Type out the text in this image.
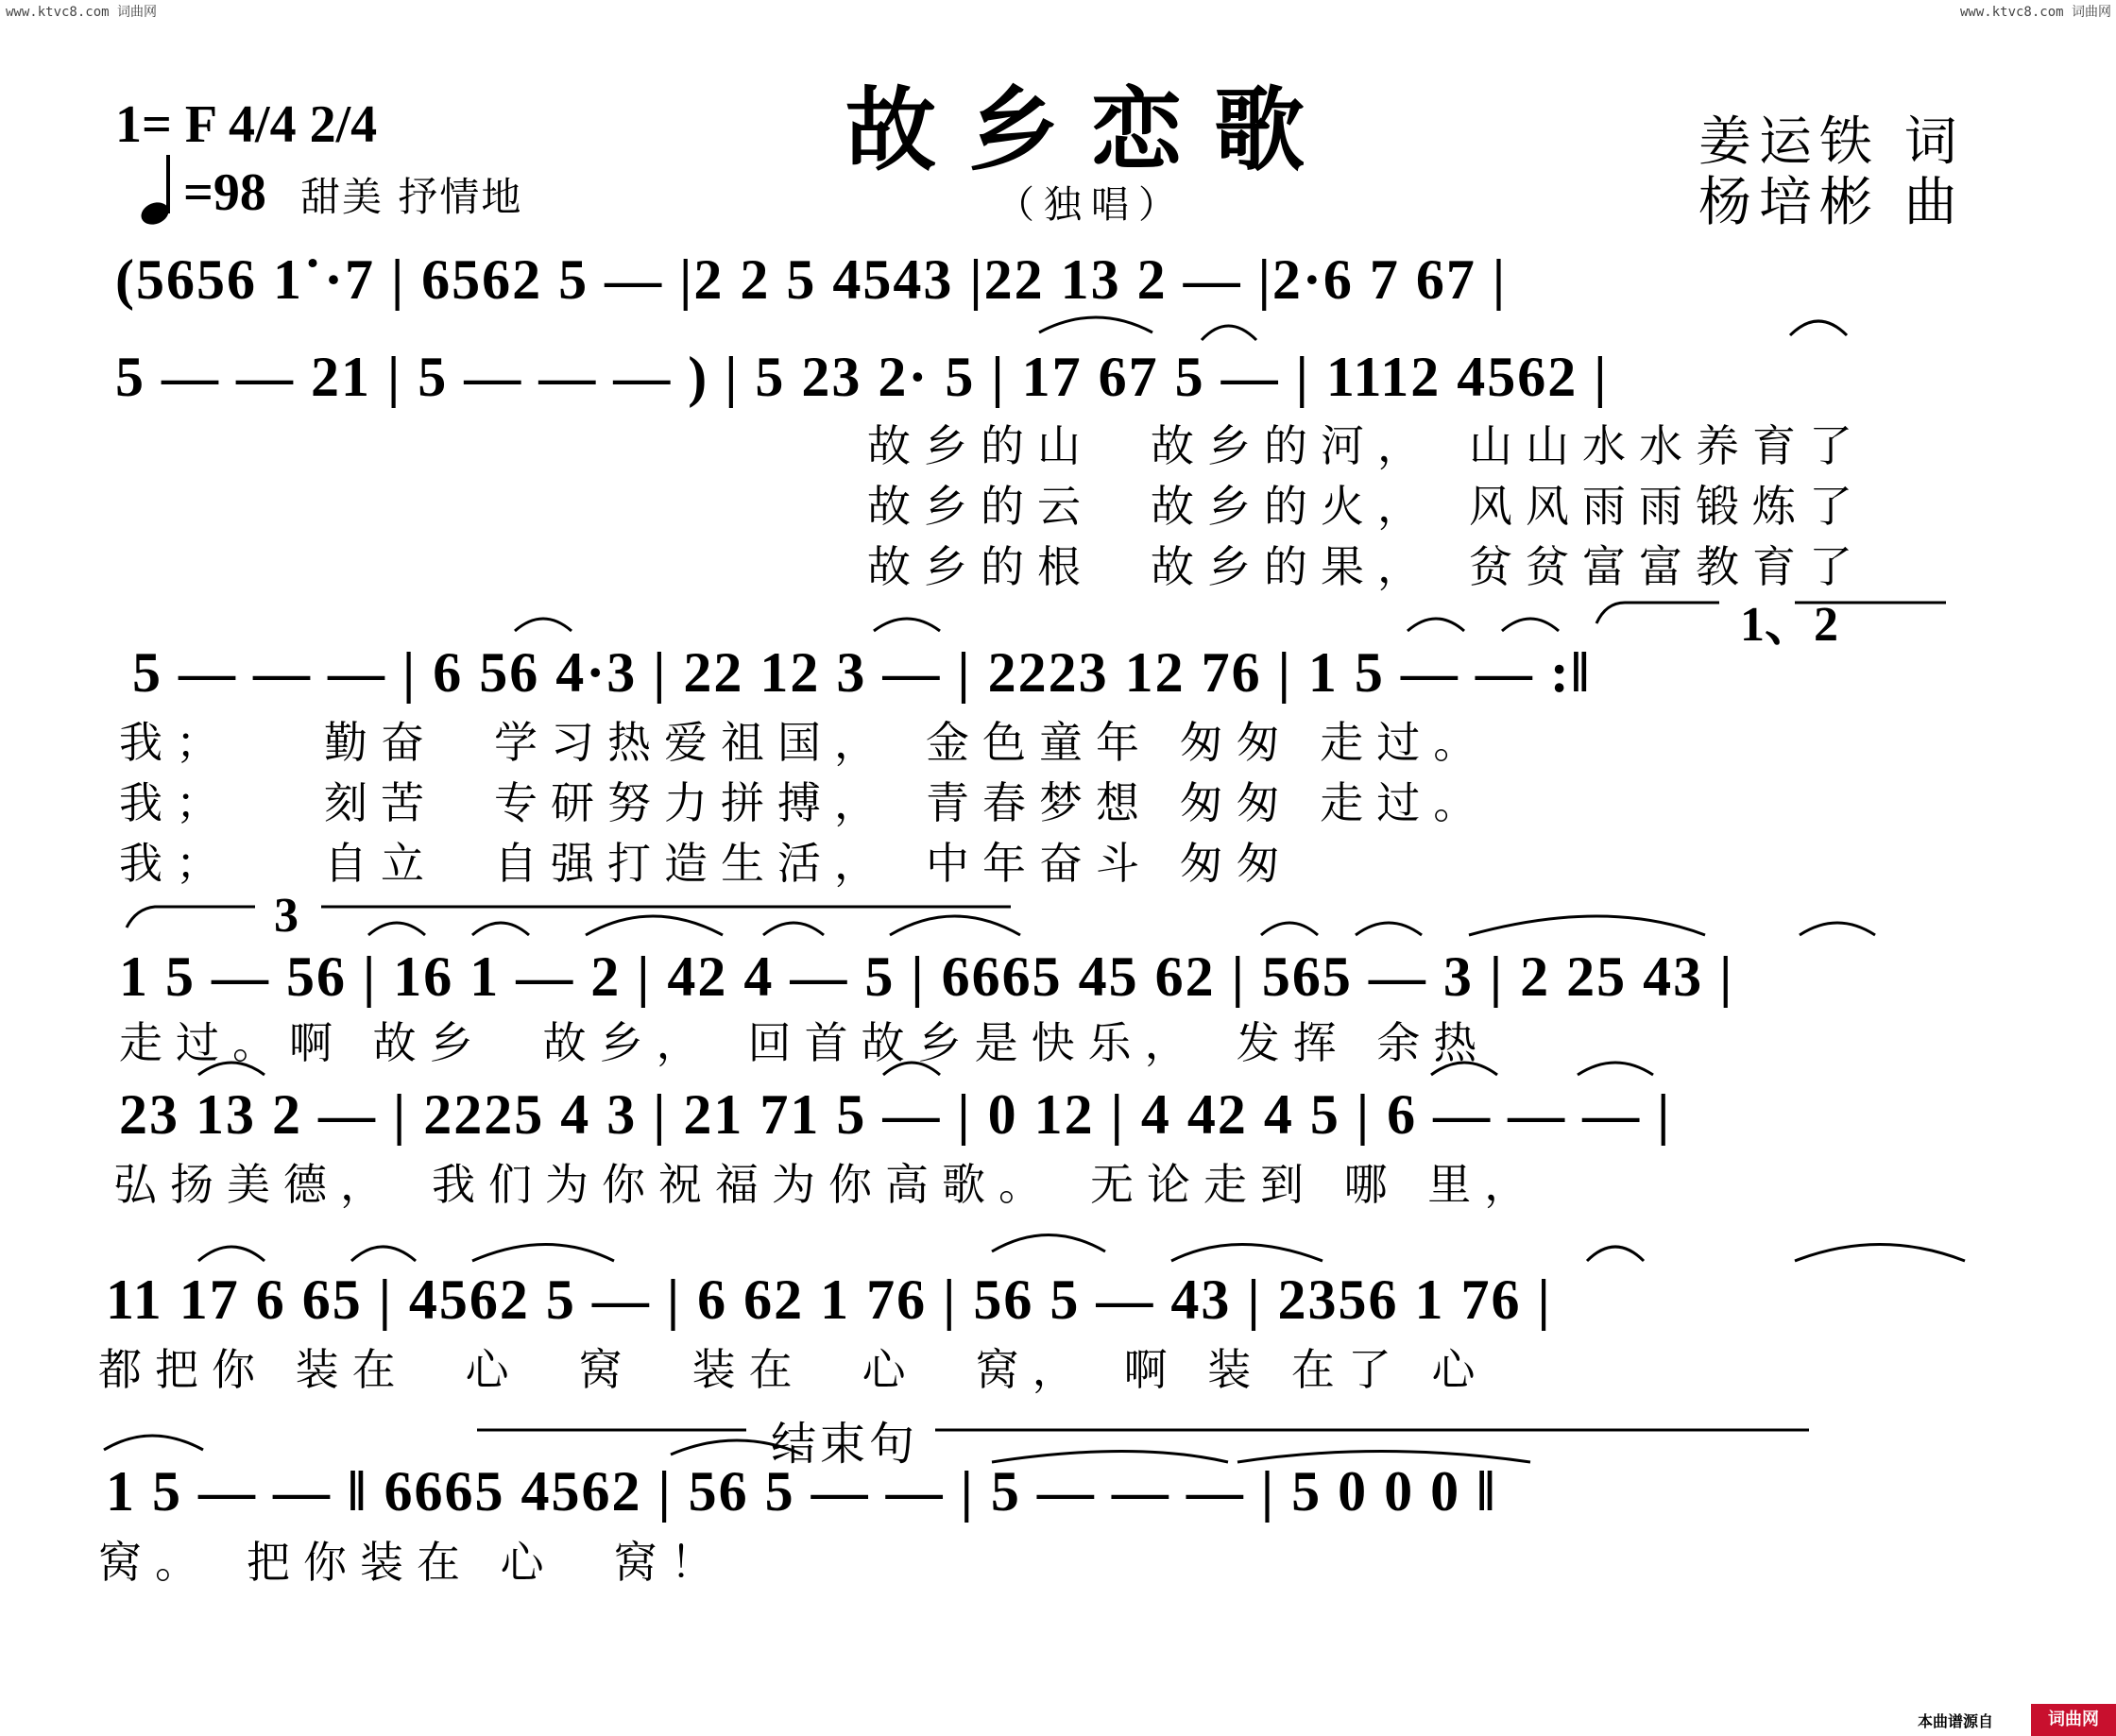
www.ktvc8.com 词曲网	www.ktvc8.com 词曲网
故乡恋歌
（独唱）
1= F 4/4 2/4
=98 甜美 抒情地
姜运铁 词
杨培彬 曲
(5656 1˙·7 | 6562 5 — |2 2 5 4543 |22 13 2 — |2·6 7 67 |
5 — — 21 | 5 — — — ) | 5 23 2· 5 | 17 67 5 — | 1112 4562 |
故乡的山　故乡的河，　山山水水养育了
故乡的云　故乡的火，　风风雨雨锻炼了
故乡的根　故乡的果，　贫贫富富教育了
1、2
5 — — — | 6 56 4·3 | 22 12 3 — | 2223 12 76 | 1 5 — — :‖
我；　　勤奋　学习热爱祖国，　金色童年 匆匆 走过。
我；　　刻苦　专研努力拼搏，　青春梦想 匆匆 走过。
我；　　自立　自强打造生活，　中年奋斗 匆匆
3
1 5 — 56 | 16 1 — 2 | 42 4 — 5 | 6665 45 62 | 565 — 3 | 2 25 43 |
走过。啊 故乡　故乡，　回首故乡是快乐，　发挥 余热
23 13 2 — | 2225 4 3 | 21 71 5 — | 0 12 | 4 42 4 5 | 6 — — — |
弘扬美德，　我们为你祝福为你高歌。　无论走到 哪 里，
11 17 6 65 | 4562 5 — | 6 62 1 76 | 56 5 — 43 | 2356 1 76 |
都把你 装在　心　窝　装在　心　窝，　啊 装 在了 心
结束句
1 5 — — ‖ 6665 4562 | 56 5 — — | 5 — — — | 5 0 0 0 ‖
窝。　把你装在 心　窝！
本曲谱源自	词曲网
